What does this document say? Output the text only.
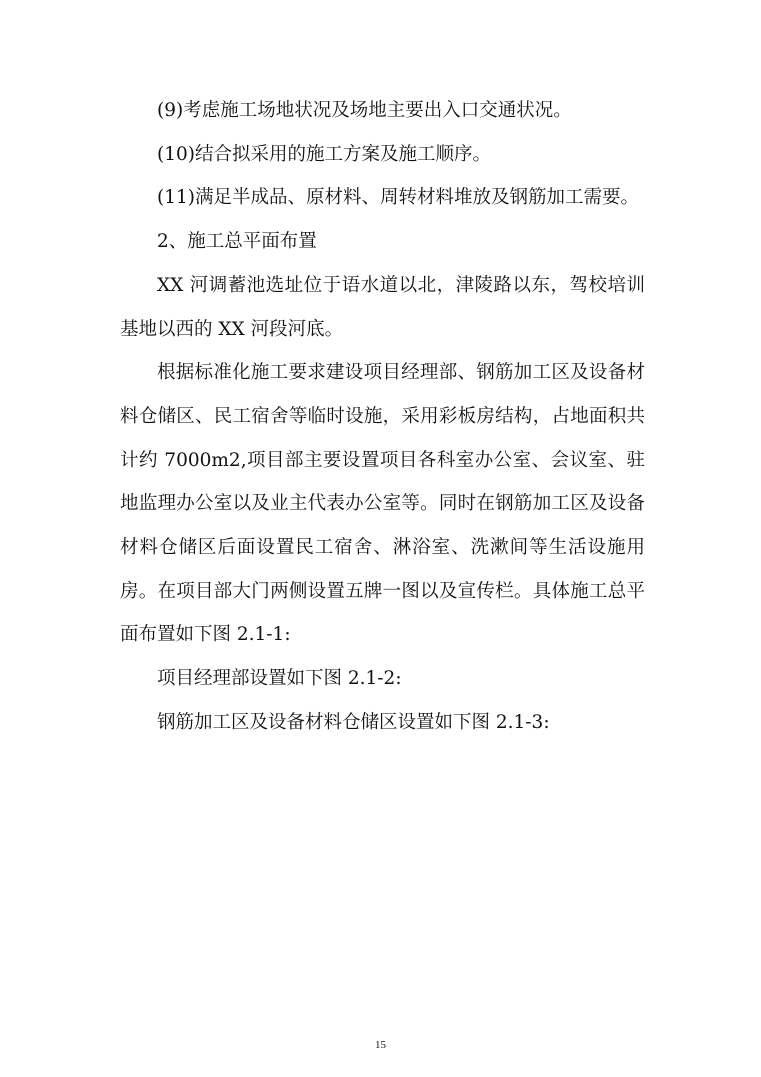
(9)考虑施工场地状况及场地主要出入口交通状况。

(10)结合拟采用的施工方案及施工顺序。

(11)满足半成品、原材料、周转材料堆放及钢筋加工需要。

2、施工总平面布置

XX 河调蓄池选址位于语水道以北，津陵路以东，驾校培训基地以西的 XX 河段河底。

根据标准化施工要求建设项目经理部、钢筋加工区及设备材料仓储区、民工宿舍等临时设施，采用彩板房结构，占地面积共计约 7000m2,项目部主要设置项目各科室办公室、会议室、驻地监理办公室以及业主代表办公室等。同时在钢筋加工区及设备材料仓储区后面设置民工宿舍、淋浴室、洗漱间等生活设施用房。在项目部大门两侧设置五牌一图以及宣传栏。具体施工总平面布置如下图 2.1-1:

项目经理部设置如下图 2.1-2:

钢筋加工区及设备材料仓储区设置如下图 2.1-3:

15
